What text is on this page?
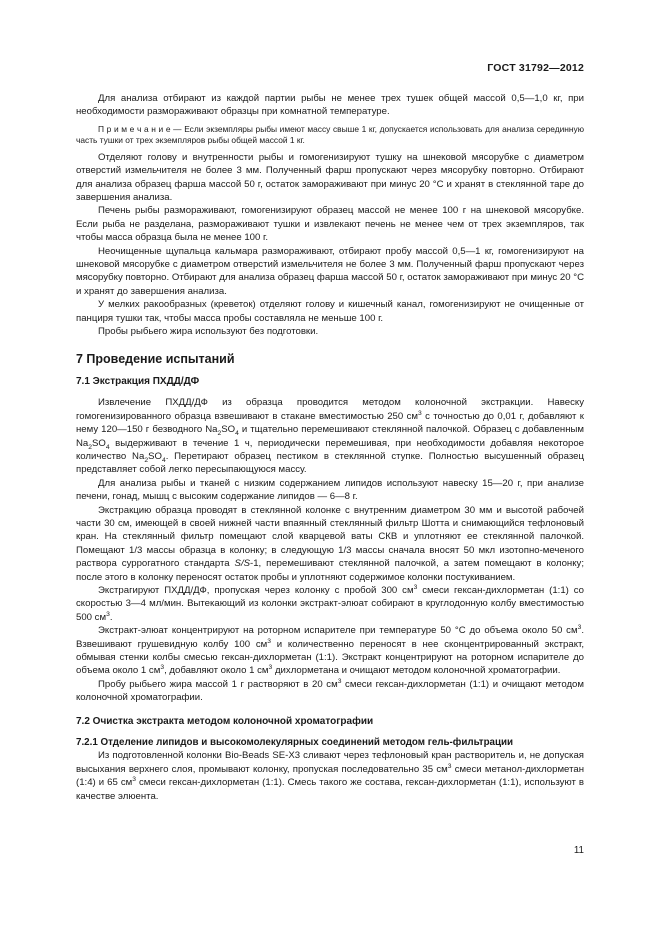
ГОСТ 31792—2012

Для анализа отбирают из каждой партии рыбы не менее трех тушек общей массой 0,5—1,0 кг, при необходимости размораживают образцы при комнатной температуре.

П р и м е ч а н и е — Если экземпляры рыбы имеют массу свыше 1 кг, допускается использовать для анализа серединную часть тушки от трех экземпляров рыбы общей массой 1 кг.

Отделяют голову и внутренности рыбы и гомогенизируют тушку на шнековой мясорубке с диаметром отверстий измельчителя не более 3 мм. Полученный фарш пропускают через мясорубку повторно. Отбирают для анализа образец фарша массой 50 г, остаток замораживают при минус 20 °С и хранят в стеклянной таре до завершения анализа.

Печень рыбы размораживают, гомогенизируют образец массой не менее 100 г на шнековой мясорубке. Если рыба не разделана, размораживают тушки и извлекают печень не менее чем от трех экземпляров, так чтобы масса образца была не менее 100 г.

Неочищенные щупальца кальмара размораживают, отбирают пробу массой 0,5—1 кг, гомогенизируют на шнековой мясорубке с диаметром отверстий измельчителя не более 3 мм. Полученный фарш пропускают через мясорубку повторно. Отбирают для анализа образец фарша массой 50 г, остаток замораживают при минус 20 °С и хранят до завершения анализа.

У мелких ракообразных (креветок) отделяют голову и кишечный канал, гомогенизируют не очищенные от панциря тушки так, чтобы масса пробы составляла не меньше 100 г.

Пробы рыбьего жира используют без подготовки.

7 Проведение испытаний
7.1 Экстракция ПХДД/ДФ

Извлечение ПХДД/ДФ из образца проводится методом колоночной экстракции. Навеску гомогенизированного образца взвешивают в стакане вместимостью 250 $см^3$ с точностью до 0,01 г, добавляют к нему 120—150 г безводного $Na_2SO_4$ и тщательно перемешивают стеклянной палочкой. Образец с добавленным $Na_2SO_4$ выдерживают в течение 1 ч, периодически перемешивая, при необходимости добавляя некоторое количество $Na_2SO_4$. Перетирают образец пестиком в стеклянной ступке. Полностью высушенный образец представляет собой легко пересыпающуюся массу.

Для анализа рыбы и тканей с низким содержанием липидов используют навеску 15—20 г, при анализе печени, гонад, мышц с высоким содержание липидов — 6—8 г.

Экстракцию образца проводят в стеклянной колонке с внутренним диаметром 30 мм и высотой рабочей части 30 см, имеющей в своей нижней части впаянный стеклянный фильтр Шотта и снимающийся тефлоновый кран. На стеклянный фильтр помещают слой кварцевой ваты СКВ и уплотняют ее стеклянной палочкой. Помещают 1/3 массы образца в колонку; в следующую 1/3 массы сначала вносят 50 мкл изотопно-меченого раствора суррогатного стандарта S/S-1, перемешивают стеклянной палочкой, а затем помещают в колонку; после этого в колонку переносят остаток пробы и уплотняют содержимое колонки постукиванием.

Экстрагируют ПХДД/ДФ, пропуская через колонку с пробой 300 $см^3$ смеси гексан-дихлорметан (1:1) со скоростью 3—4 мл/мин. Вытекающий из колонки экстракт-элюат собирают в круглодонную колбу вместимостью 500 $см^3$.

Экстракт-элюат концентрируют на роторном испарителе при температуре 50 °С до объема около 50 $см^3$. Взвешивают грушевидную колбу 100 $см^3$ и количественно переносят в нее сконцентрированный экстракт, обмывая стенки колбы смесью гексан-дихлорметан (1:1). Экстракт концентрируют на роторном испарителе до объема около 1 $см^3$, добавляют около 1 $см^3$ дихлорметана и очищают методом колоночной хроматографии.

Пробу рыбьего жира массой 1 г растворяют в 20 $см^3$ смеси гексан-дихлорметан (1:1) и очищают методом колоночной хроматографии.

7.2 Очистка экстракта методом колоночной хроматографии
7.2.1 Отделение липидов и высокомолекулярных соединений методом гель-фильтрации

Из подготовленной колонки Bio-Beads SE-X3 сливают через тефлоновый кран растворитель и, не допуская высыхания верхнего слоя, промывают колонку, пропуская последовательно 35 $см^3$ смеси метанол-дихлорметан (1:4) и 65 $см^3$ смеси гексан-дихлорметан (1:1). Смесь такого же состава, гексан-дихлорметан (1:1), используют в качестве элюента.

11
